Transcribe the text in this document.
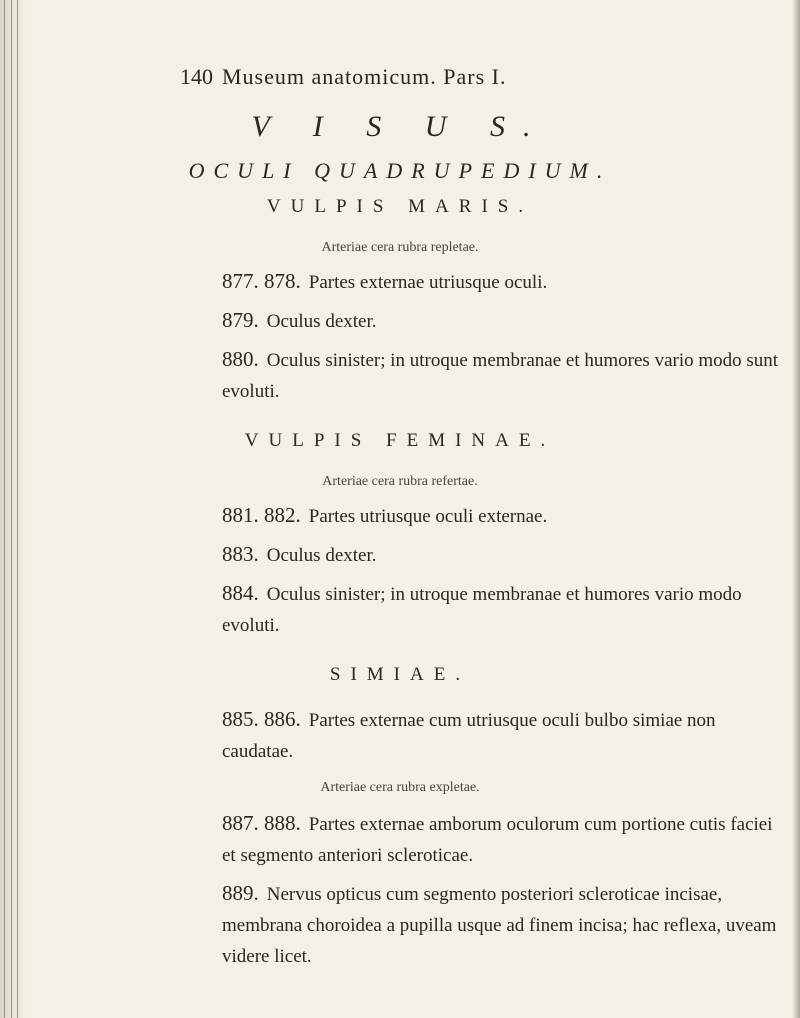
140 Museum anatomicum. Pars I.
V I S U S.
OCULI QUADRUPEDIUM.
VULPIS MARIS.
Arteriae cera rubra repletae.
877. 878. Partes externae utriusque oculi.
879. Oculus dexter.
880. Oculus sinister; in utroque membranae et humores vario modo sunt evoluti.
VULPIS FEMINAE.
Arteriae cera rubra refertae.
881. 882. Partes utriusque oculi externae.
883. Oculus dexter.
884. Oculus sinister; in utroque membranae et humores vario modo evoluti.
SIMIAE.
885. 886. Partes externae cum utriusque oculi bulbo simiae non caudatae.
Arteriae cera rubra expletae.
887. 888. Partes externae amborum oculorum cum portione cutis faciei et segmento anteriori scleroticae.
889. Nervus opticus cum segmento posteriori scleroticae incisae, membrana choroidea a pupilla usque ad finem incisa; hac reflexa, uveam videre licet.
